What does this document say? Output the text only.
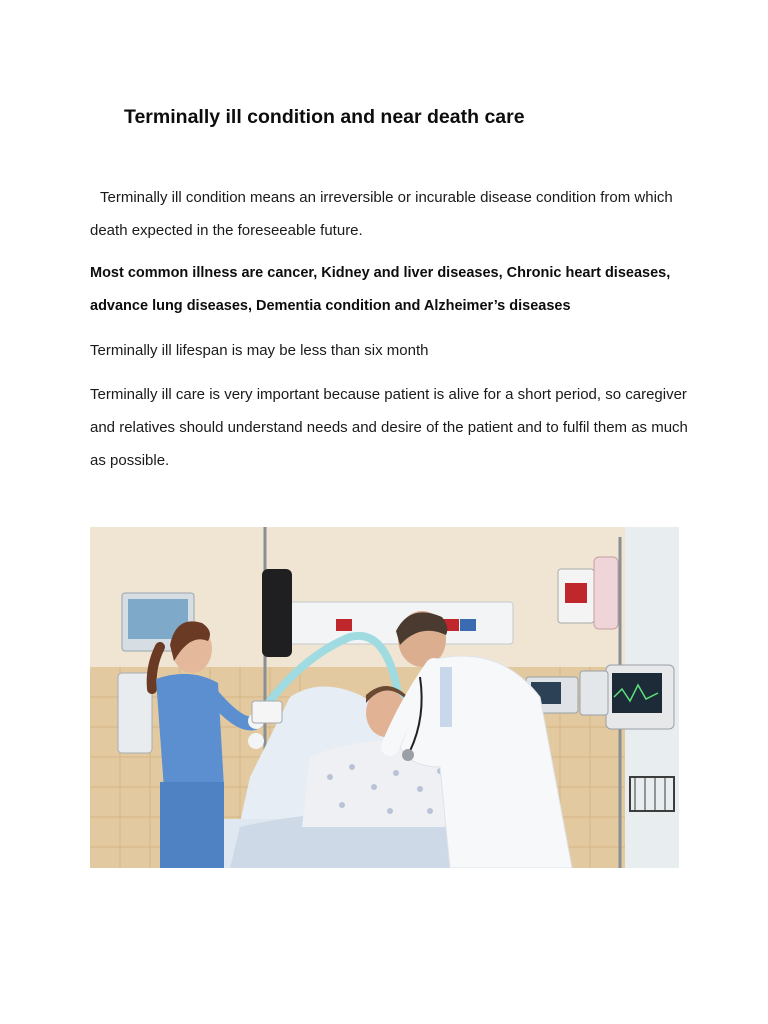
Terminally ill condition and near death care

Terminally ill condition means an irreversible or incurable disease condition from which death expected in the foreseeable future.

Most common illness are cancer, Kidney and liver diseases, Chronic heart diseases, advance lung diseases, Dementia condition and Alzheimer’s diseases

Terminally ill lifespan is may be less than six month

Terminally ill care is very important because patient is alive for a short period, so caregiver and relatives should understand needs and desire of the patient and to fulfil them as much as possible.
